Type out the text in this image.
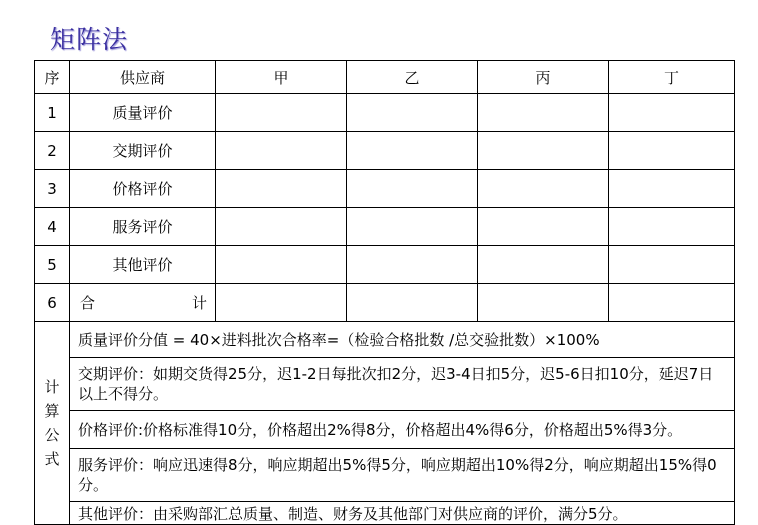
矩阵法
序	供应商	甲	乙	丙	丁
1	质量评价				
2	交期评价				
3	价格评价				
4	服务评价				
5	其他评价				
6	合 计				

计
算
公
式	质量评价分值 = 40×进料批次合格率=（检验合格批数 /总交验批数）×100%				
	交期评价：如期交货得25分，迟1-2日每批次扣2分，迟3-4日扣5分，迟5-6日扣10分，延迟7日以上不得分。				
	价格评价:价格标准得10分，价格超出2%得8分，价格超出4%得6分，价格超出5%得3分。				
	服务评价：响应迅速得8分，响应期超出5%得5分，响应期超出10%得2分，响应期超出15%得0分。				
	其他评价：由采购部汇总质量、制造、财务及其他部门对供应商的评价，满分5分。				
